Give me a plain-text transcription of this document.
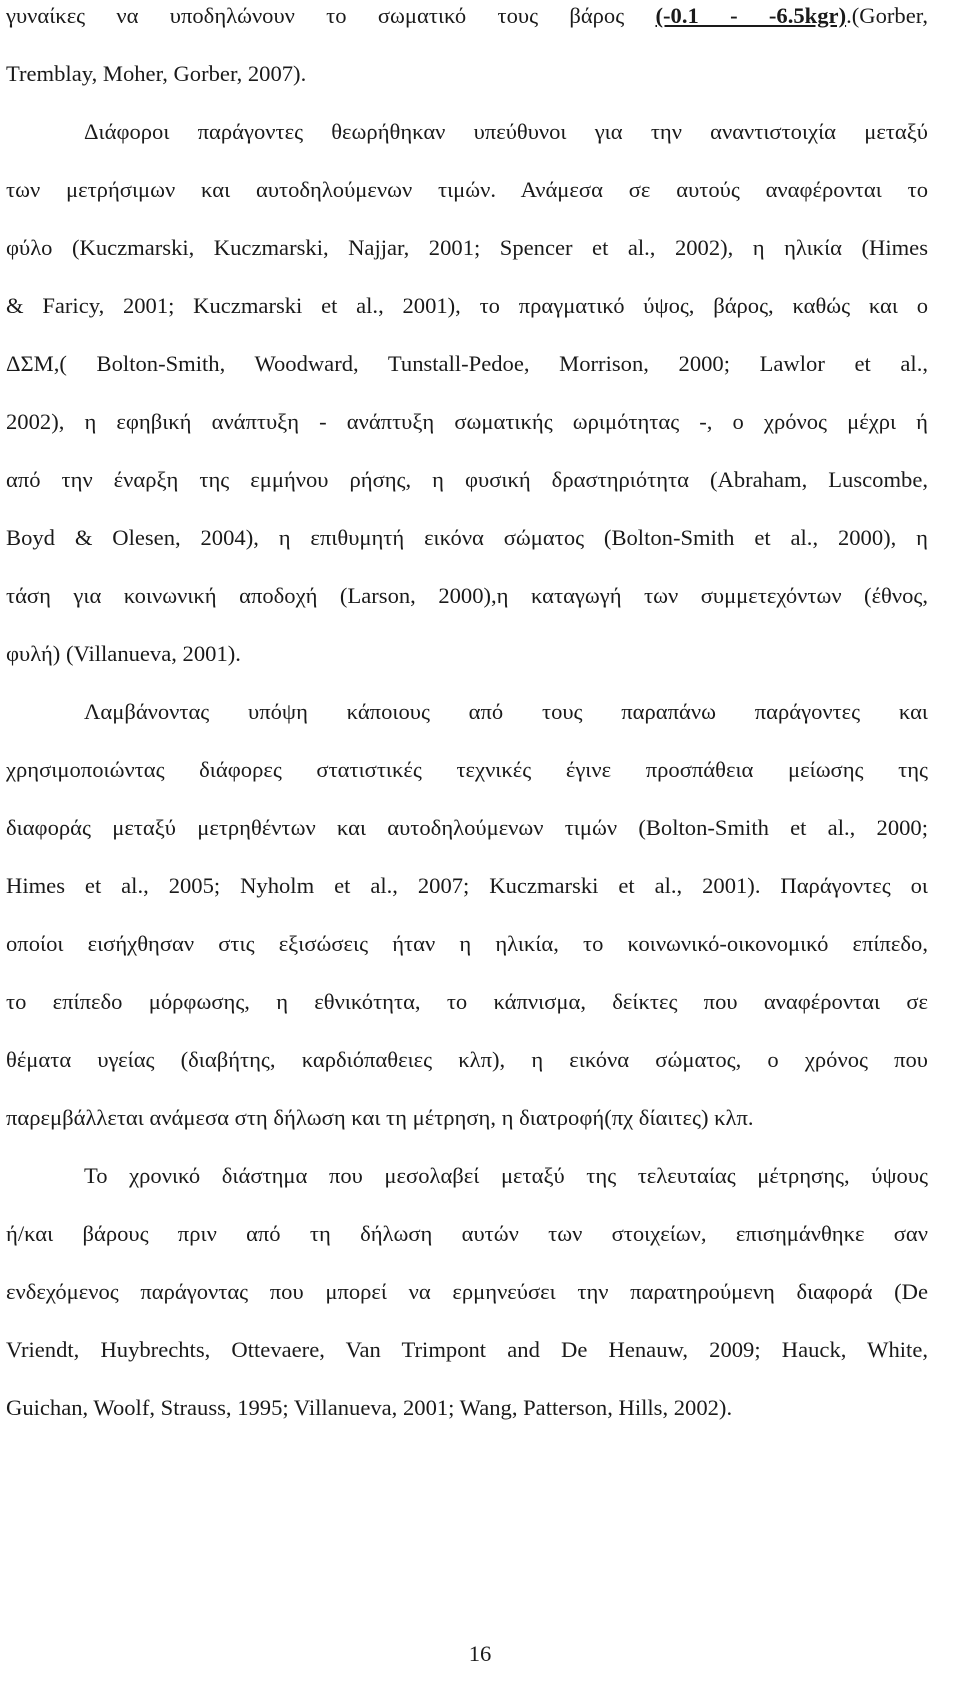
γυναίκες να υποδηλώνουν το σωματικό τους βάρος (-0.1 - -6.5kgr).(Gorber,
Tremblay, Moher, Gorber, 2007).
Διάφοροι παράγοντες θεωρήθηκαν υπεύθυνοι για την αναντιστοιχία μεταξύ
των μετρήσιμων και αυτοδηλούμενων τιμών. Ανάμεσα σε αυτούς αναφέρονται το
φύλο (Kuczmarski, Kuczmarski, Najjar, 2001; Spencer et al., 2002), η ηλικία (Himes
& Faricy, 2001; Kuczmarski et al., 2001), το πραγματικό ύψος, βάρος, καθώς και ο
ΔΣΜ,( Bolton-Smith, Woodward, Tunstall-Pedoe, Morrison, 2000; Lawlor et al.,
2002), η εφηβική ανάπτυξη - ανάπτυξη σωματικής ωριμότητας -, ο χρόνος μέχρι ή
από την έναρξη της εμμήνου ρήσης, η φυσική δραστηριότητα (Abraham, Luscombe,
Boyd & Olesen, 2004), η επιθυμητή εικόνα σώματος (Bolton-Smith et al., 2000), η
τάση για κοινωνική αποδοχή (Larson, 2000),η καταγωγή των συμμετεχόντων (έθνος,
φυλή) (Villanueva, 2001).
Λαμβάνοντας υπόψη κάποιους από τους παραπάνω παράγοντες και
χρησιμοποιώντας διάφορες στατιστικές τεχνικές έγινε προσπάθεια μείωσης της
διαφοράς μεταξύ μετρηθέντων και αυτοδηλούμενων τιμών (Bolton-Smith et al., 2000;
Himes et al., 2005; Nyholm et al., 2007; Kuczmarski et al., 2001). Παράγοντες οι
οποίοι εισήχθησαν στις εξισώσεις ήταν η ηλικία, το κοινωνικό-οικονομικό επίπεδο,
το επίπεδο μόρφωσης, η εθνικότητα, το κάπνισμα, δείκτες που αναφέρονται σε
θέματα υγείας (διαβήτης, καρδιόπαθειες κλπ), η εικόνα σώματος, ο χρόνος που
παρεμβάλλεται ανάμεσα στη δήλωση και τη μέτρηση, η διατροφή(πχ δίαιτες) κλπ.
Το χρονικό διάστημα που μεσολαβεί μεταξύ της τελευταίας μέτρησης, ύψους
ή/και βάρους πριν από τη δήλωση αυτών των στοιχείων, επισημάνθηκε σαν
ενδεχόμενος παράγοντας που μπορεί να ερμηνεύσει την παρατηρούμενη διαφορά (De
Vriendt, Huybrechts, Ottevaere, Van Trimpont and De Henauw, 2009; Hauck, White,
Guichan, Woolf, Strauss, 1995; Villanueva, 2001; Wang, Patterson, Hills, 2002).
16
